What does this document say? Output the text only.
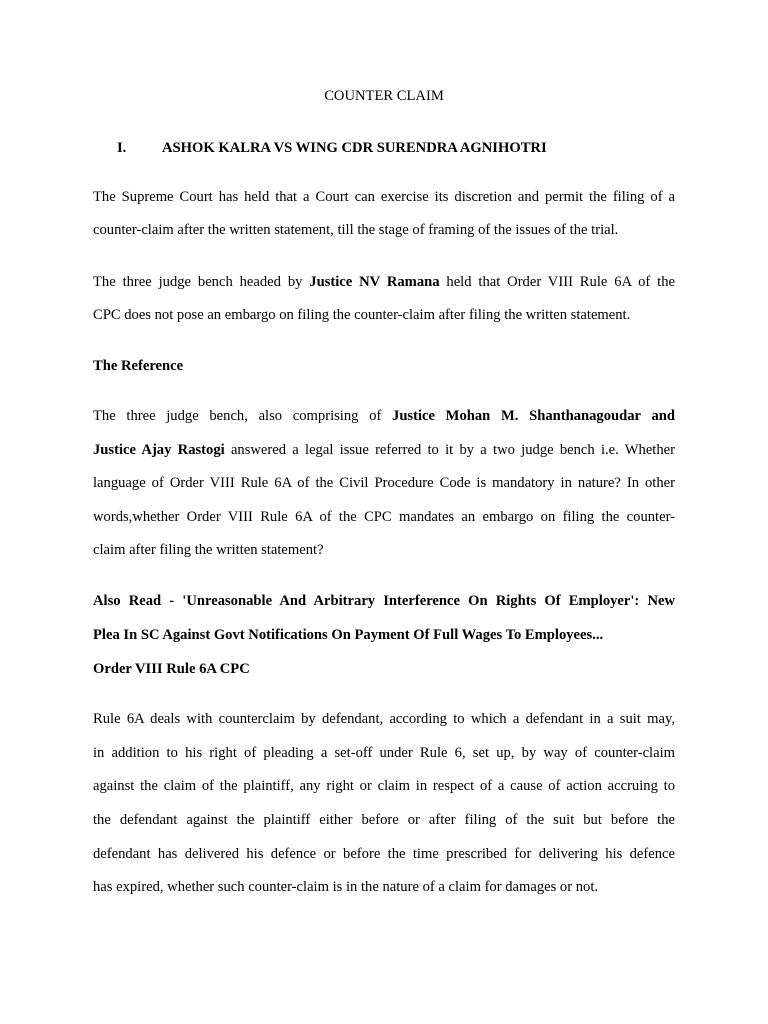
COUNTER CLAIM
I. ASHOK KALRA VS WING CDR SURENDRA AGNIHOTRI
The Supreme Court has held that a Court can exercise its discretion and permit the filing of a
counter-claim after the written statement, till the stage of framing of the issues of the trial.
The three judge bench headed by Justice NV Ramana held that Order VIII Rule 6A of the
CPC does not pose an embargo on filing the counter-claim after filing the written statement.
The Reference
The three judge bench, also comprising of Justice Mohan M. Shanthanagoudar and
Justice Ajay Rastogi answered a legal issue referred to it by a two judge bench i.e. Whether
language of Order VIII Rule 6A of the Civil Procedure Code is mandatory in nature? In other
words,whether Order VIII Rule 6A of the CPC mandates an embargo on filing the counter-
claim after filing the written statement?
Also Read - 'Unreasonable And Arbitrary Interference On Rights Of Employer': New
Plea In SC Against Govt Notifications On Payment Of Full Wages To Employees...
Order VIII Rule 6A CPC
Rule 6A deals with counterclaim by defendant, according to which a defendant in a suit may,
in addition to his right of pleading a set-off under Rule 6, set up, by way of counter-claim
against the claim of the plaintiff, any right or claim in respect of a cause of action accruing to
the defendant against the plaintiff either before or after filing of the suit but before the
defendant has delivered his defence or before the time prescribed for delivering his defence
has expired, whether such counter-claim is in the nature of a claim for damages or not.
